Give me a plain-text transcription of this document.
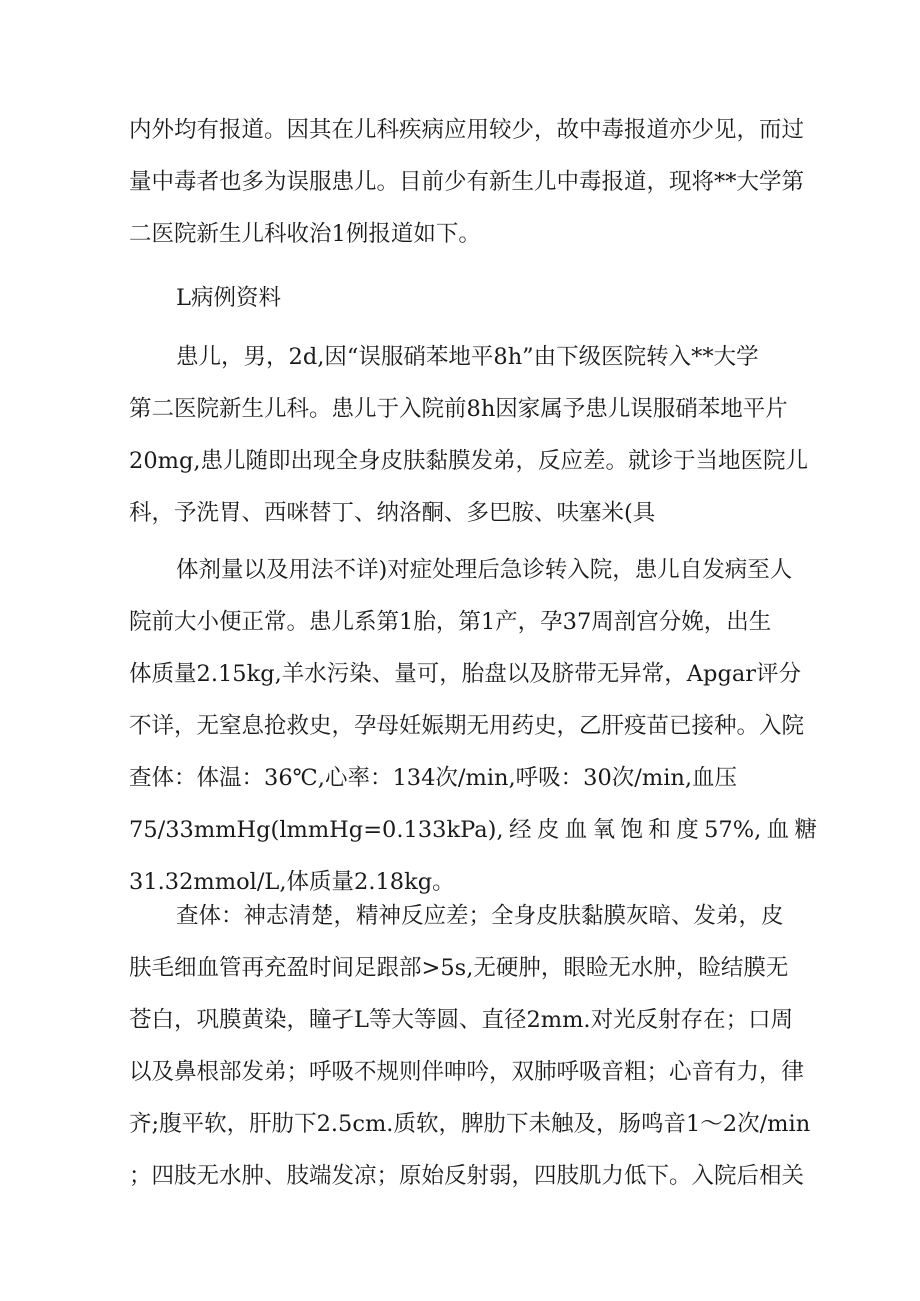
内外均有报道。因其在儿科疾病应用较少，故中毒报道亦少见，而过
量中毒者也多为误服患儿。目前少有新生儿中毒报道，现将**大学第
二医院新生儿科收治1例报道如下。
L病例资料
患儿，男，2d,因“误服硝苯地平8h”由下级医院转入**大学
第二医院新生儿科。患儿于入院前8h因家属予患儿误服硝苯地平片
20mg,患儿随即出现全身皮肤黏膜发弟，反应差。就诊于当地医院儿
科，予洗胃、西咪替丁、纳洛酮、多巴胺、呋塞米(具
体剂量以及用法不详)对症处理后急诊转入院，患儿自发病至人
院前大小便正常。患儿系第1胎，第1产，孕37周剖宫分娩，出生
体质量2.15kg,羊水污染、量可，胎盘以及脐带无异常，Apgar评分
不详，无窒息抢救史，孕母妊娠期无用药史，乙肝疫苗已接种。入院
查体：体温：36℃,心率：134次/min,呼吸：30次/min,血压
75/33mmHg(lmmHg=0.133kPa), 经 皮 血 氧 饱 和 度 57%, 血 糖
31.32mmol/L,体质量2.18kg。
查体：神志清楚，精神反应差；全身皮肤黏膜灰暗、发弟，皮
肤毛细血管再充盈时间足跟部>5s,无硬肿，眼睑无水肿，睑结膜无
苍白，巩膜黄染，瞳孑L等大等圆、直径2mm.对光反射存在；口周
以及鼻根部发弟；呼吸不规则伴呻吟，双肺呼吸音粗；心音有力，律
齐;腹平软，肝肋下2.5cm.质软，脾肋下未触及，肠鸣音1～2次/min
；四肢无水肿、肢端发凉；原始反射弱，四肢肌力低下。入院后相关
